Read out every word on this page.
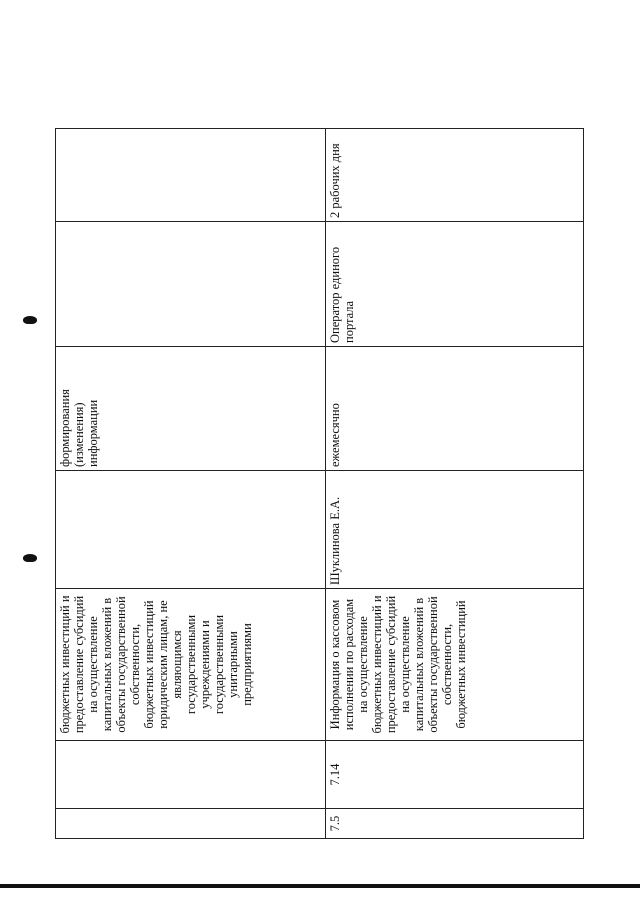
		бюджетных инвестиций и предоставление субсидий на осуществление капитальных вложений в объекты государственной собственности, бюджетных инвестиций юридическим лицам, не являющимся государственными учреждениями и государственными унитарными предприятиями		формирования (изменения) информации		
7.5	7.14	Информация о кассовом исполнении по расходам на осуществление бюджетных инвестиций и предоставление субсидий на осуществление капитальных вложений в объекты государственной собственности, бюджетных инвестиций	Шуклинова Е.А.	ежемесячно	Оператор единого портала	2 рабочих дня
